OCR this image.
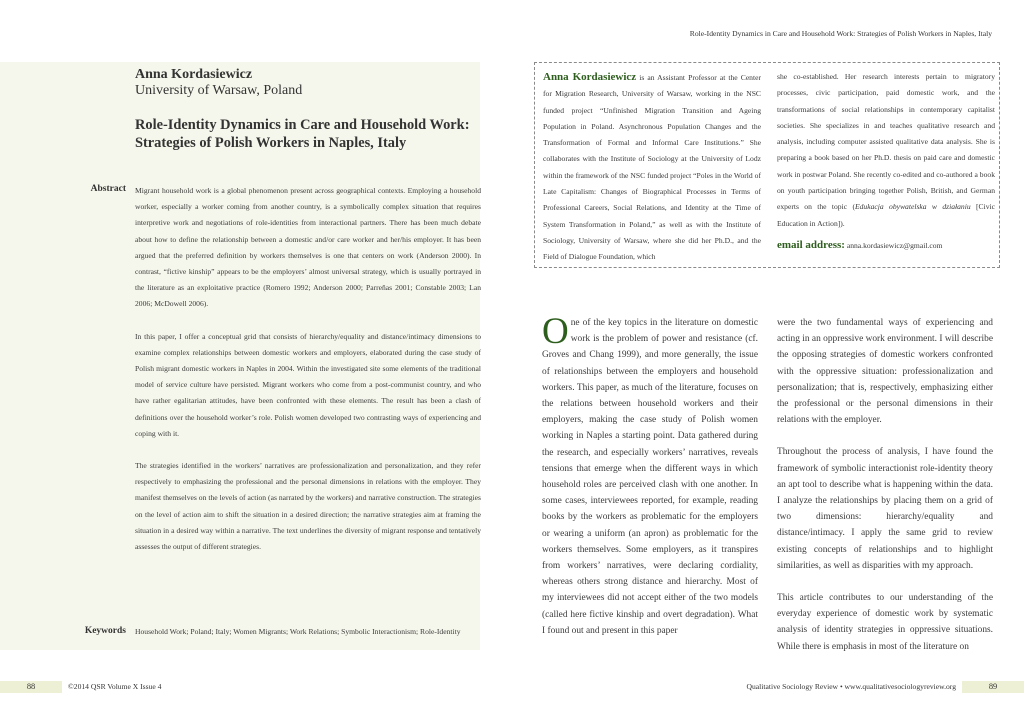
Role-Identity Dynamics in Care and Household Work: Strategies of Polish Workers in Naples, Italy
Anna Kordasiewicz
University of Warsaw, Poland
Role-Identity Dynamics in Care and Household Work: Strategies of Polish Workers in Naples, Italy
Abstract Migrant household work is a global phenomenon present across geographical contexts. Employing a household worker, especially a worker coming from another country, is a symbolically complex situation that requires interpretive work and negotiations of role-identities from interactional partners. There has been much debate about how to define the relationship between a domestic and/or care worker and her/his employer. It has been argued that the preferred definition by workers themselves is one that centers on work (Anderson 2000). In contrast, “fictive kinship” appears to be the employers’ almost universal strategy, which is usually portrayed in the literature as an exploitative practice (Romero 1992; Anderson 2000; Parreñas 2001; Constable 2003; Lan 2006; McDowell 2006).

In this paper, I offer a conceptual grid that consists of hierarchy/equality and distance/intimacy dimensions to examine complex relationships between domestic workers and employers, elaborated during the case study of Polish migrant domestic workers in Naples in 2004. Within the investigated site some elements of the traditional model of service culture have persisted. Migrant workers who come from a post-communist country, and who have rather egalitarian attitudes, have been confronted with these elements. The result has been a clash of definitions over the household worker’s role. Polish women developed two contrasting ways of experiencing and coping with it.

The strategies identified in the workers’ narratives are professionalization and personalization, and they refer respectively to emphasizing the professional and the personal dimensions in relations with the employer. They manifest themselves on the levels of action (as narrated by the workers) and narrative construction. The strategies on the level of action aim to shift the situation in a desired direction; the narrative strategies aim at framing the situation in a desired way within a narrative. The text underlines the diversity of migrant response and tentatively assesses the output of different strategies.

Keywords Household Work; Poland; Italy; Women Migrants; Work Relations; Symbolic Interactionism; Role-Identity
Anna Kordasiewicz is an Assistant Professor at the Center for Migration Research, University of Warsaw, working in the NSC funded project “Unfinished Migration Transition and Ageing Population in Poland. Asynchronous Population Changes and the Transformation of Formal and Informal Care Institutions.” She collaborates with the Institute of Sociology at the University of Lodz within the framework of the NSC funded project “Poles in the World of Late Capitalism: Changes of Biographical Processes in Terms of Professional Careers, Social Relations, and Identity at the Time of System Transformation in Poland,” as well as with the Institute of Sociology, University of Warsaw, where she did her Ph.D., and the Field of Dialogue Foundation, which
she co-established. Her research interests pertain to migratory processes, civic participation, paid domestic work, and the transformations of social relationships in contemporary capitalist societies. She specializes in and teaches qualitative research and analysis, including computer assisted qualitative data analysis. She is preparing a book based on her Ph.D. thesis on paid care and domestic work in postwar Poland. She recently co-edited and co-authored a book on youth participation bringing together Polish, British, and German experts on the topic (Edukacja obywatelska w działaniu [Civic Education in Action]).
email address: anna.kordasiewicz@gmail.com

One of the key topics in the literature on domestic work is the problem of power and resistance (cf. Groves and Chang 1999), and more generally, the issue of relationships between the employers and household workers. This paper, as much of the literature, focuses on the relations between household workers and their employers, making the case study of Polish women working in Naples a starting point. Data gathered during the research, and especially workers’ narratives, reveals tensions that emerge when the different ways in which household roles are perceived clash with one another. In some cases, interviewees reported, for example, reading books by the workers as problematic for the employers or wearing a uniform (an apron) as problematic for the workers themselves. Some employers, as it transpires from workers’ narratives, were declaring cordiality, whereas others strong distance and hierarchy. Most of my interviewees did not accept either of the two models (called here fictive kinship and overt degradation). What I found out and present in this paper

were the two fundamental ways of experiencing and acting in an oppressive work environment. I will describe the opposing strategies of domestic workers confronted with the oppressive situation: professionalization and personalization; that is, respectively, emphasizing either the professional or the personal dimensions in their relations with the employer.

Throughout the process of analysis, I have found the framework of symbolic interactionist role-identity theory an apt tool to describe what is happening within the data. I analyze the relationships by placing them on a grid of two dimensions: hierarchy/equality and distance/intimacy. I apply the same grid to review existing concepts of relationships and to highlight similarities, as well as disparities with my approach.

This article contributes to our understanding of the everyday experience of domestic work by systematic analysis of identity strategies in oppressive situations. While there is emphasis in most of the literature on

88	©2014 QSR Volume X Issue 4	Qualitative Sociology Review • www.qualitativesociologyreview.org	89
